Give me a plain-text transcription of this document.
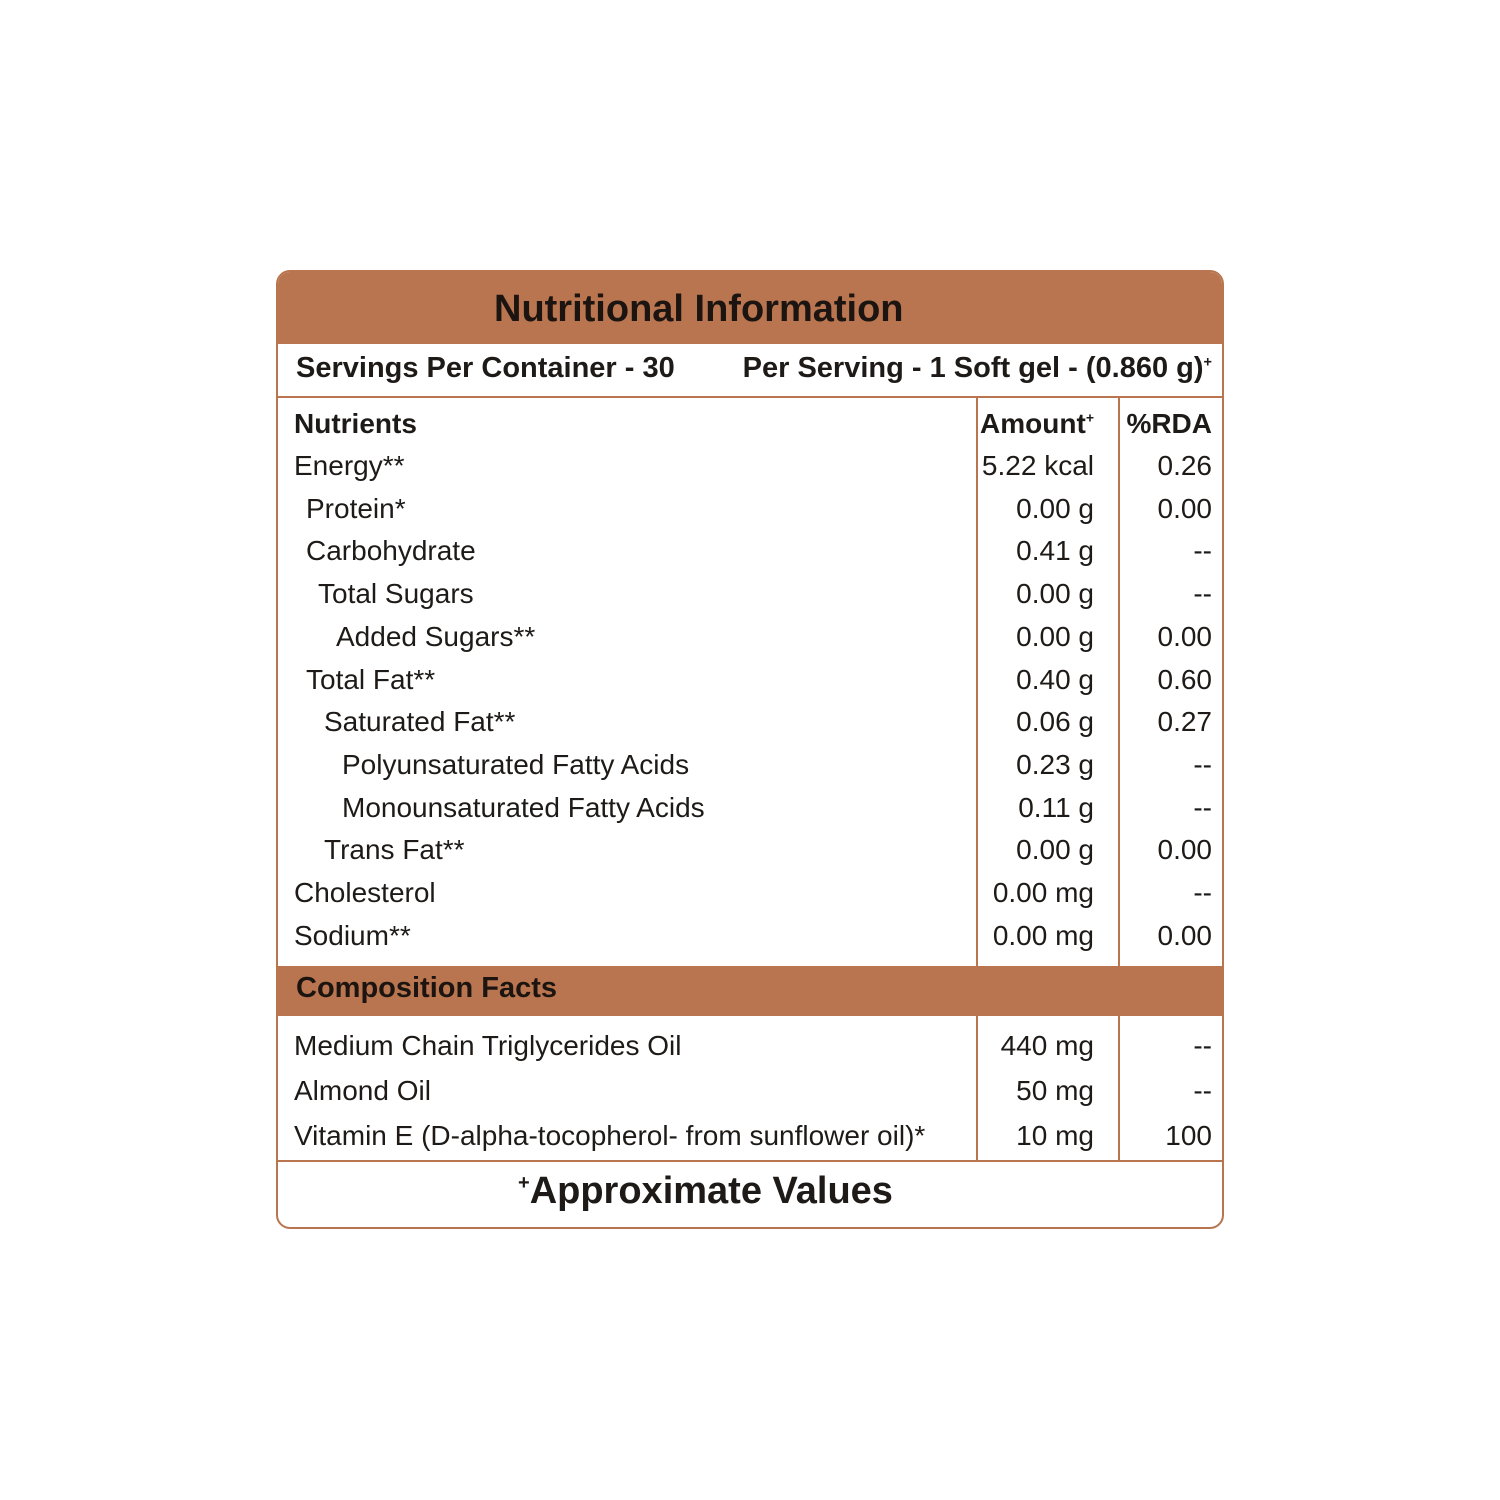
Nutritional Information
Servings Per Container - 30 Per Serving - 1 Soft gel - (0.860 g)+
Nutrients	Amount+ %RDA
Energy**	5.22 kcal 0.26
Protein*	0.00 g 0.00
Carbohydrate	0.41 g	--
Total Sugars	0.00 g	--
Added Sugars**	0.00 g 0.00
Total Fat**	0.40 g 0.60
Saturated Fat**	0.06 g 0.27
Polyunsaturated Fatty Acids	0.23 g	--
Monounsaturated Fatty Acids	0.11 g	--
Trans Fat**	0.00 g 0.00
Cholesterol	0.00 mg	--
Sodium**	0.00 mg 0.00
Composition Facts
Medium Chain Triglycerides Oil	440 mg	--
Almond Oil	50 mg	--
Vitamin E (D-alpha-tocopherol- from sunflower oil)*	10 mg	100
+Approximate Values
